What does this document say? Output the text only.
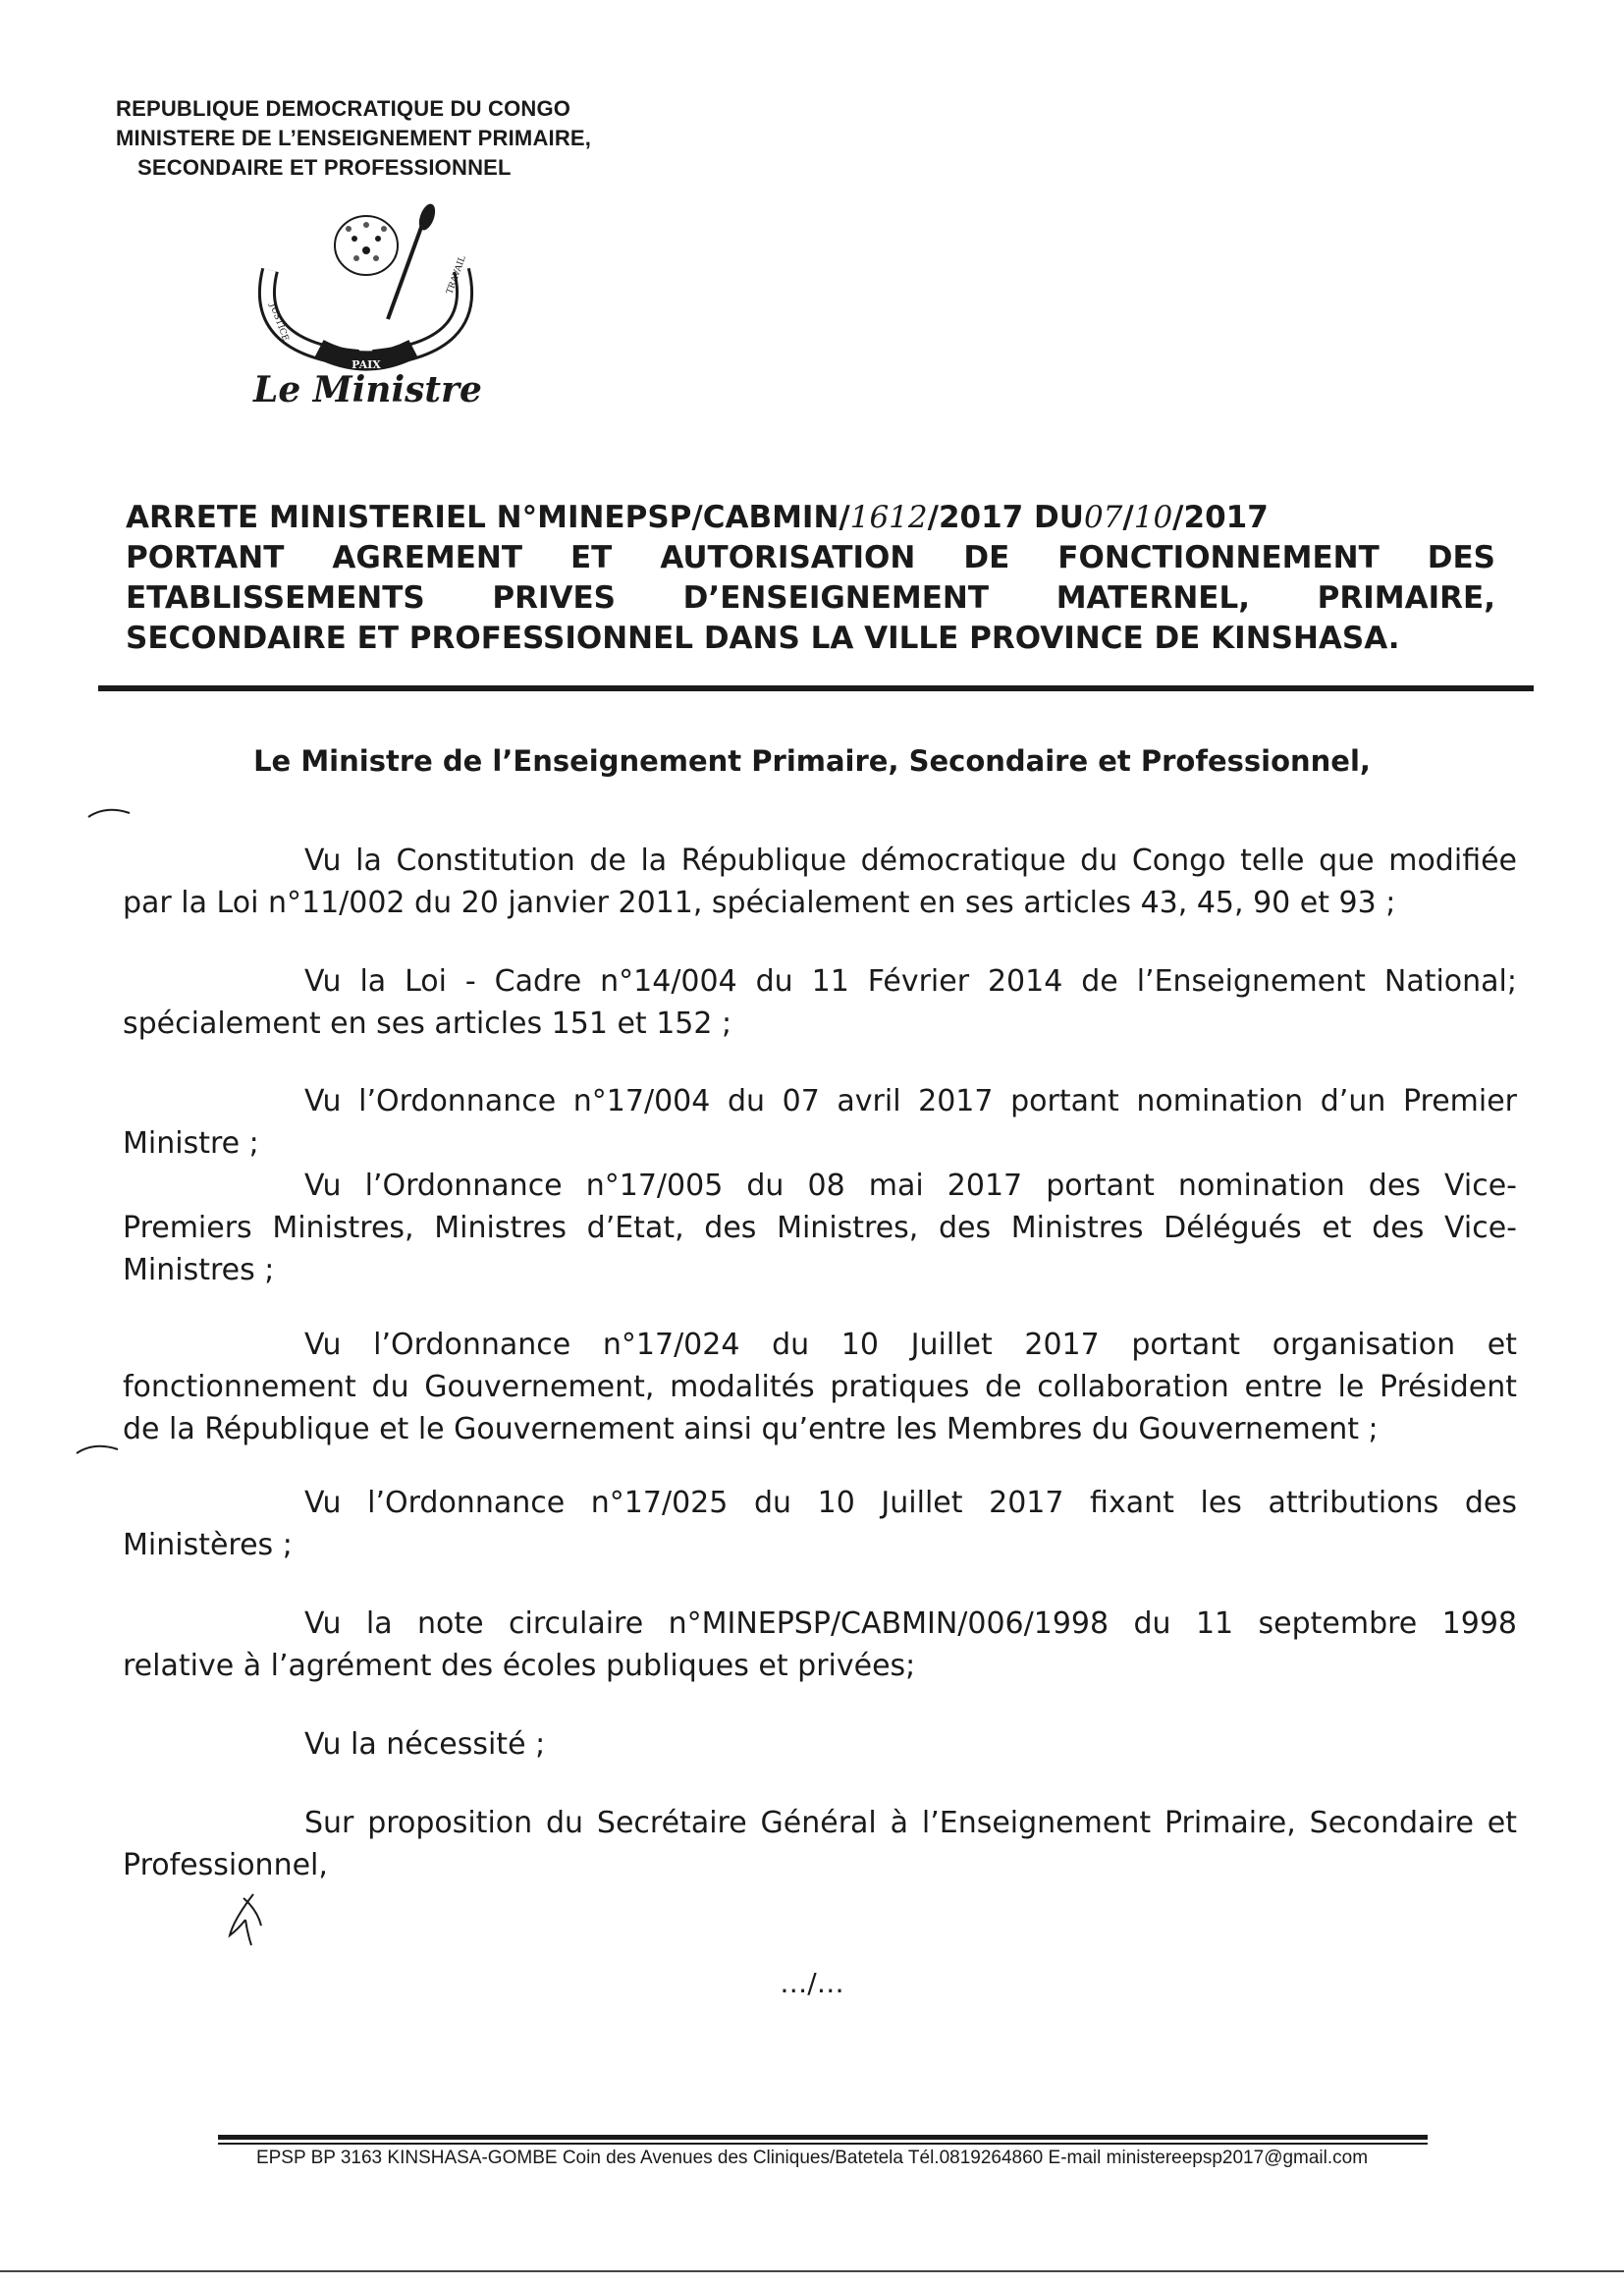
REPUBLIQUE DEMOCRATIQUE DU CONGO
MINISTERE DE L’ENSEIGNEMENT PRIMAIRE,
SECONDAIRE ET PROFESSIONNEL
PAIX
JUSTICE
TRAVAIL
Le Ministre
ARRETE MINISTERIEL N°MINEPSP/CABMIN/1612/2017 DU07/10/2017
PORTANT AGREMENT ET AUTORISATION DE FONCTIONNEMENT DES
ETABLISSEMENTS PRIVES D’ENSEIGNEMENT MATERNEL, PRIMAIRE,
SECONDAIRE ET PROFESSIONNEL DANS LA VILLE PROVINCE DE KINSHASA.
Le Ministre de l’Enseignement Primaire, Secondaire et Professionnel,
Vu la Constitution de la République démocratique du Congo telle que modifiée
par la Loi n°11/002 du 20 janvier 2011, spécialement en ses articles 43, 45, 90 et 93 ;
Vu la Loi - Cadre n°14/004 du 11 Février 2014 de l’Enseignement National;
spécialement en ses articles 151 et 152 ;
Vu l’Ordonnance n°17/004 du 07 avril 2017 portant nomination d’un Premier
Ministre ;
Vu l’Ordonnance n°17/005 du 08 mai 2017 portant nomination des Vice-
Premiers Ministres, Ministres d’Etat, des Ministres, des Ministres Délégués et des Vice-
Ministres ;
Vu l’Ordonnance n°17/024 du 10 Juillet 2017 portant organisation et
fonctionnement du Gouvernement, modalités pratiques de collaboration entre le Président
de la République et le Gouvernement ainsi qu’entre les Membres du Gouvernement ;
Vu l’Ordonnance n°17/025 du 10 Juillet 2017 fixant les attributions des
Ministères ;
Vu la note circulaire n°MINEPSP/CABMIN/006/1998 du 11 septembre 1998
relative à l’agrément des écoles publiques et privées;
Vu la nécessité ;
Sur proposition du Secrétaire Général à l’Enseignement Primaire, Secondaire et
Professionnel,
…/…
EPSP BP 3163 KINSHASA-GOMBE Coin des Avenues des Cliniques/Batetela Tél.0819264860 E-mail ministereepsp2017@gmail.com
